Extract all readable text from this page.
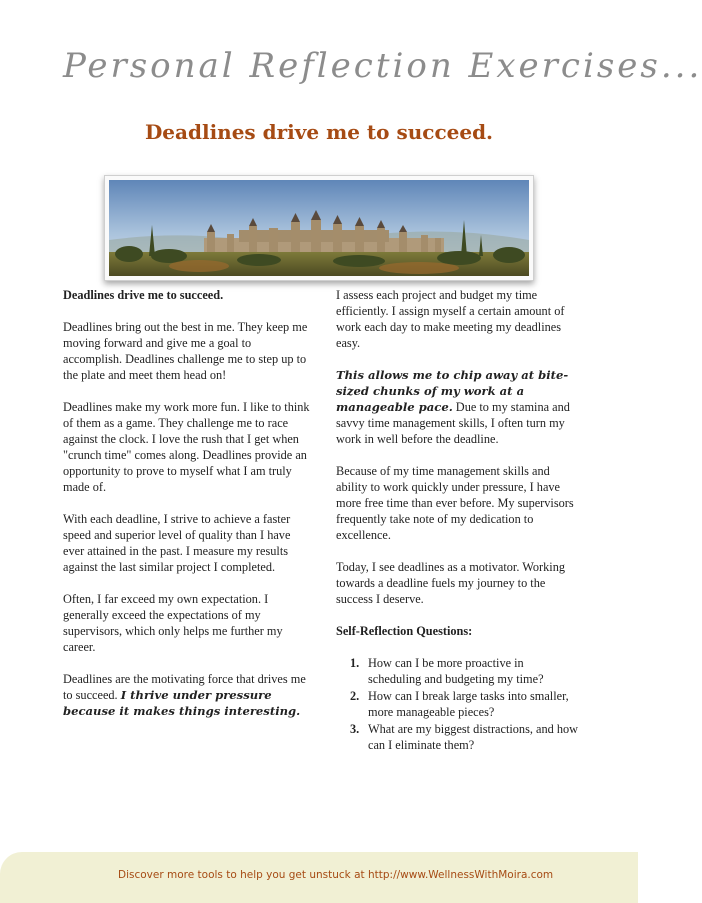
Personal Reflection Exercises...
Deadlines drive me to succeed.

Deadlines drive me to succeed.

Deadlines bring out the best in me. They keep me moving forward and give me a goal to accomplish. Deadlines challenge me to step up to the plate and meet them head on!

Deadlines make my work more fun. I like to think of them as a game. They challenge me to race against the clock. I love the rush that I get when "crunch time" comes along. Deadlines provide an opportunity to prove to myself what I am truly made of.

With each deadline, I strive to achieve a faster speed and superior level of quality than I have ever attained in the past. I measure my results against the last similar project I completed.

Often, I far exceed my own expectation. I generally exceed the expectations of my supervisors, which only helps me further my career.

Deadlines are the motivating force that drives me to succeed. I thrive under pressure because it makes things interesting.

I assess each project and budget my time efficiently. I assign myself a certain amount of work each day to make meeting my deadlines easy.

This allows me to chip away at bite-sized chunks of my work at a manageable pace. Due to my stamina and savvy time management skills, I often turn my work in well before the deadline.

Because of my time management skills and ability to work quickly under pressure, I have more free time than ever before. My supervisors frequently take note of my dedication to excellence.

Today, I see deadlines as a motivator. Working towards a deadline fuels my journey to the success I deserve.

Self-Reflection Questions:

1. How can I be more proactive in scheduling and budgeting my time?
2. How can I break large tasks into smaller, more manageable pieces?
3. What are my biggest distractions, and how can I eliminate them?
Discover more tools to help you get unstuck at http://www.WellnessWithMoira.com
